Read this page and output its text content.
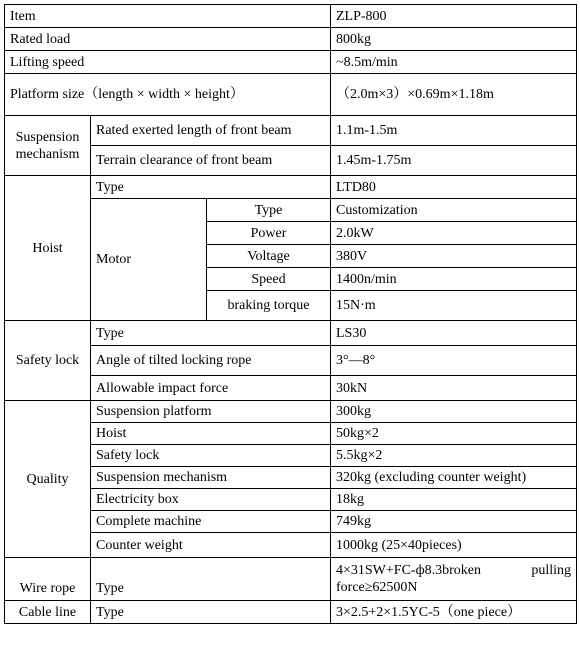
Item			ZLP-800
Rated load			800kg
Lifting speed			~8.5m/min
Platform size（length × width × height）			（2.0m×3）×0.69m×1.18m
Suspension mechanism	Rated exerted length of front beam		1.1m-1.5m
	Terrain clearance of front beam		1.45m-1.75m
Hoist	Type		LTD80
	Motor	Type	Customization
		Power	2.0kW
		Voltage	380V
		Speed	1400n/min
		braking torque	15N·m
Safety lock	Type		LS30
	Angle of tilted locking rope		3°—8°
	Allowable impact force		30kN
Quality	Suspension platform		300kg
	Hoist		50kg×2
	Safety lock		5.5kg×2
	Suspension mechanism		320kg (excluding counter weight)
	Electricity box		18kg
	Complete machine		749kg
	Counter weight		1000kg (25×40pieces)
Wire rope	Type		4×31SW+FC-ф8.3broken pulling force≥62500N
Cable line	Type		3×2.5+2×1.5YC-5（one piece）
